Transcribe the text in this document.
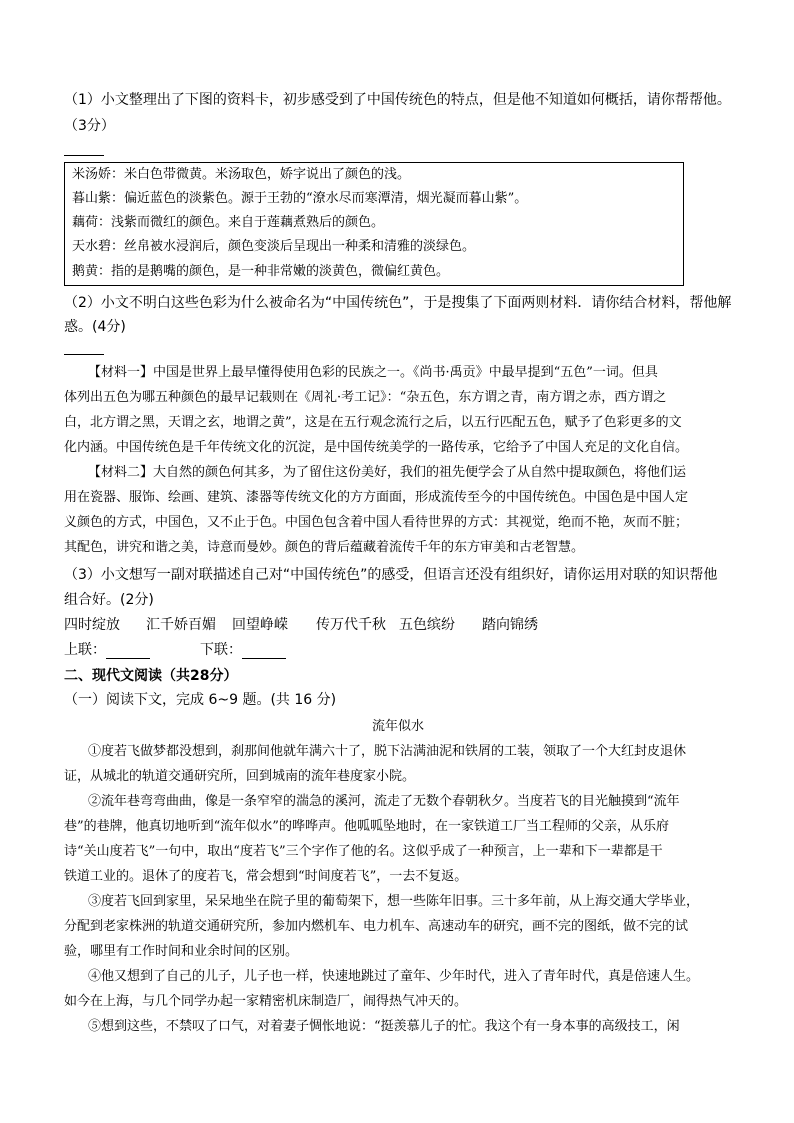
（1）小文整理出了下图的资料卡，初步感受到了中国传统色的特点，但是他不知道如何概括，请你帮帮他。
（3分）
米汤娇：米白色带微黄。米汤取色，娇字说出了颜色的浅。
暮山紫：偏近蓝色的淡紫色。源于王勃的“潦水尽而寒潭清，烟光凝而暮山紫”。
藕荷：浅紫而微红的颜色。来自于莲藕煮熟后的颜色。
天水碧：丝帛被水浸润后，颜色变淡后呈现出一种柔和清雅的淡绿色。
鹅黄：指的是鹅嘴的颜色，是一种非常嫩的淡黄色，微偏红黄色。
（2）小文不明白这些色彩为什么被命名为“中国传统色”，于是搜集了下面两则材料．请你结合材料，帮他解
惑。(4分)
【材料一】中国是世界上最早懂得使用色彩的民族之一。《尚书·禹贡》中最早提到“五色”一词。但具
体列出五色为哪五种颜色的最早记载则在《周礼·考工记》：“杂五色，东方谓之青，南方谓之赤，西方谓之
白，北方谓之黑，天谓之玄，地谓之黄”，这是在五行观念流行之后，以五行匹配五色，赋予了色彩更多的文
化内涵。中国传统色是千年传统文化的沉淀，是中国传统美学的一路传承，它给予了中国人充足的文化自信。
【材料二】大自然的颜色何其多，为了留住这份美好，我们的祖先便学会了从自然中提取颜色，将他们运
用在瓷器、服饰、绘画、建筑、漆器等传统文化的方方面面，形成流传至今的中国传统色。中国色是中国人定
义颜色的方式，中国色，又不止于色。中国色包含着中国人看待世界的方式：其视觉，绝而不艳，灰而不脏；
其配色，讲究和谐之美，诗意而曼妙。颜色的背后蕴藏着流传千年的东方审美和古老智慧。
（3）小文想写一副对联描述自己对“中国传统色”的感受，但语言还没有组织好，请你运用对联的知识帮他
组合好。(2分)
四时绽放 汇千娇百媚 回望峥嵘 传万代千秋 五色缤纷 踏向锦绣
上联：	下联：
二、现代文阅读（共28分）
（一）阅读下文，完成 6~9 题。(共 16 分)
流年似水
①度若飞做梦都没想到，刹那间他就年满六十了，脱下沾满油泥和铁屑的工装，领取了一个大红封皮退休
证，从城北的轨道交通研究所，回到城南的流年巷度家小院。
②流年巷弯弯曲曲，像是一条窄窄的湍急的溪河，流走了无数个春朝秋夕。当度若飞的目光触摸到“流年
巷”的巷牌，他真切地听到“流年似水”的哗哗声。他呱呱坠地时，在一家铁道工厂当工程师的父亲，从乐府
诗“关山度若飞”一句中，取出“度若飞”三个字作了他的名。这似乎成了一种预言，上一辈和下一辈都是干
铁道工业的。退休了的度若飞，常会想到“时间度若飞”，一去不复返。
③度若飞回到家里，呆呆地坐在院子里的葡萄架下，想一些陈年旧事。三十多年前，从上海交通大学毕业，
分配到老家株洲的轨道交通研究所，参加内燃机车、电力机车、高速动车的研究，画不完的图纸，做不完的试
验，哪里有工作时间和业余时间的区别。
④他又想到了自己的儿子，儿子也一样，快速地跳过了童年、少年时代，进入了青年时代，真是倍速人生。
如今在上海，与几个同学办起一家精密机床制造厂，闹得热气冲天的。
⑤想到这些，不禁叹了口气，对着妻子惆怅地说：“挺羡慕儿子的忙。我这个有一身本事的高级技工，闲
